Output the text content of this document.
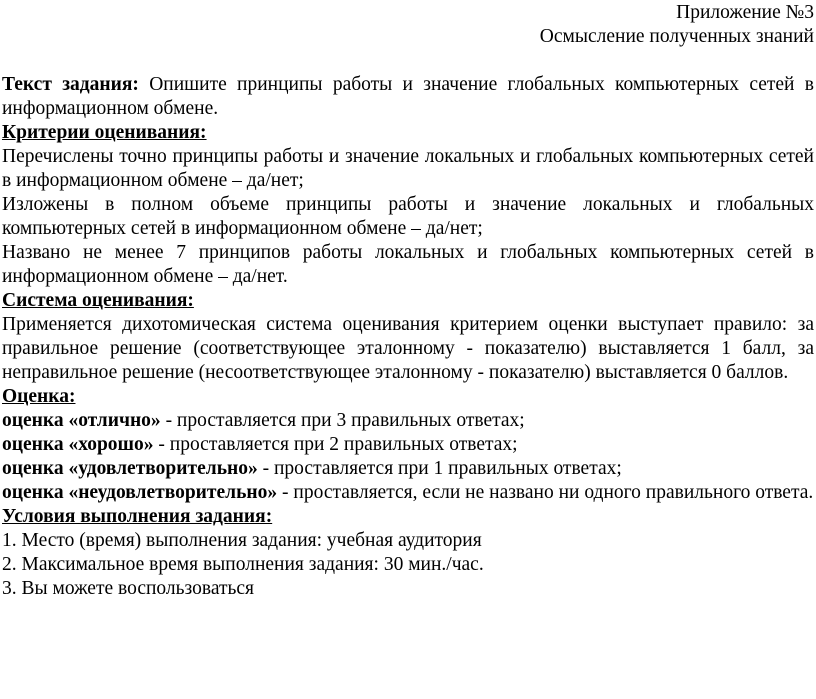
Приложение №3
Осмысление полученных знаний

Текст задания: Опишите принципы работы и значение глобальных компьютерных сетей в информационном обмене.

Критерии оценивания:

Перечислены точно принципы работы и значение локальных и глобальных компьютерных сетей в информационном обмене – да/нет;

Изложены в полном объеме принципы работы и значение локальных и глобальных компьютерных сетей в информационном обмене – да/нет;

Названо не менее 7 принципов работы локальных и глобальных компьютерных сетей в информационном обмене – да/нет.

Система оценивания:

Применяется дихотомическая система оценивания критерием оценки выступает правило: за правильное решение (соответствующее эталонному - показателю) выставляется 1 балл, за неправильное решение (несоответствующее эталонному - показателю) выставляется 0 баллов.

Оценка:

оценка «отлично» - проставляется при 3 правильных ответах;

оценка «хорошо» - проставляется при 2 правильных ответах;

оценка «удовлетворительно» - проставляется при 1 правильных ответах;

оценка «неудовлетворительно» - проставляется, если не названо ни одного правильного ответа.

Условия выполнения задания:

1. Место (время) выполнения задания: учебная аудитория

2. Максимальное время выполнения задания: 30 мин./час.

3. Вы можете воспользоваться
